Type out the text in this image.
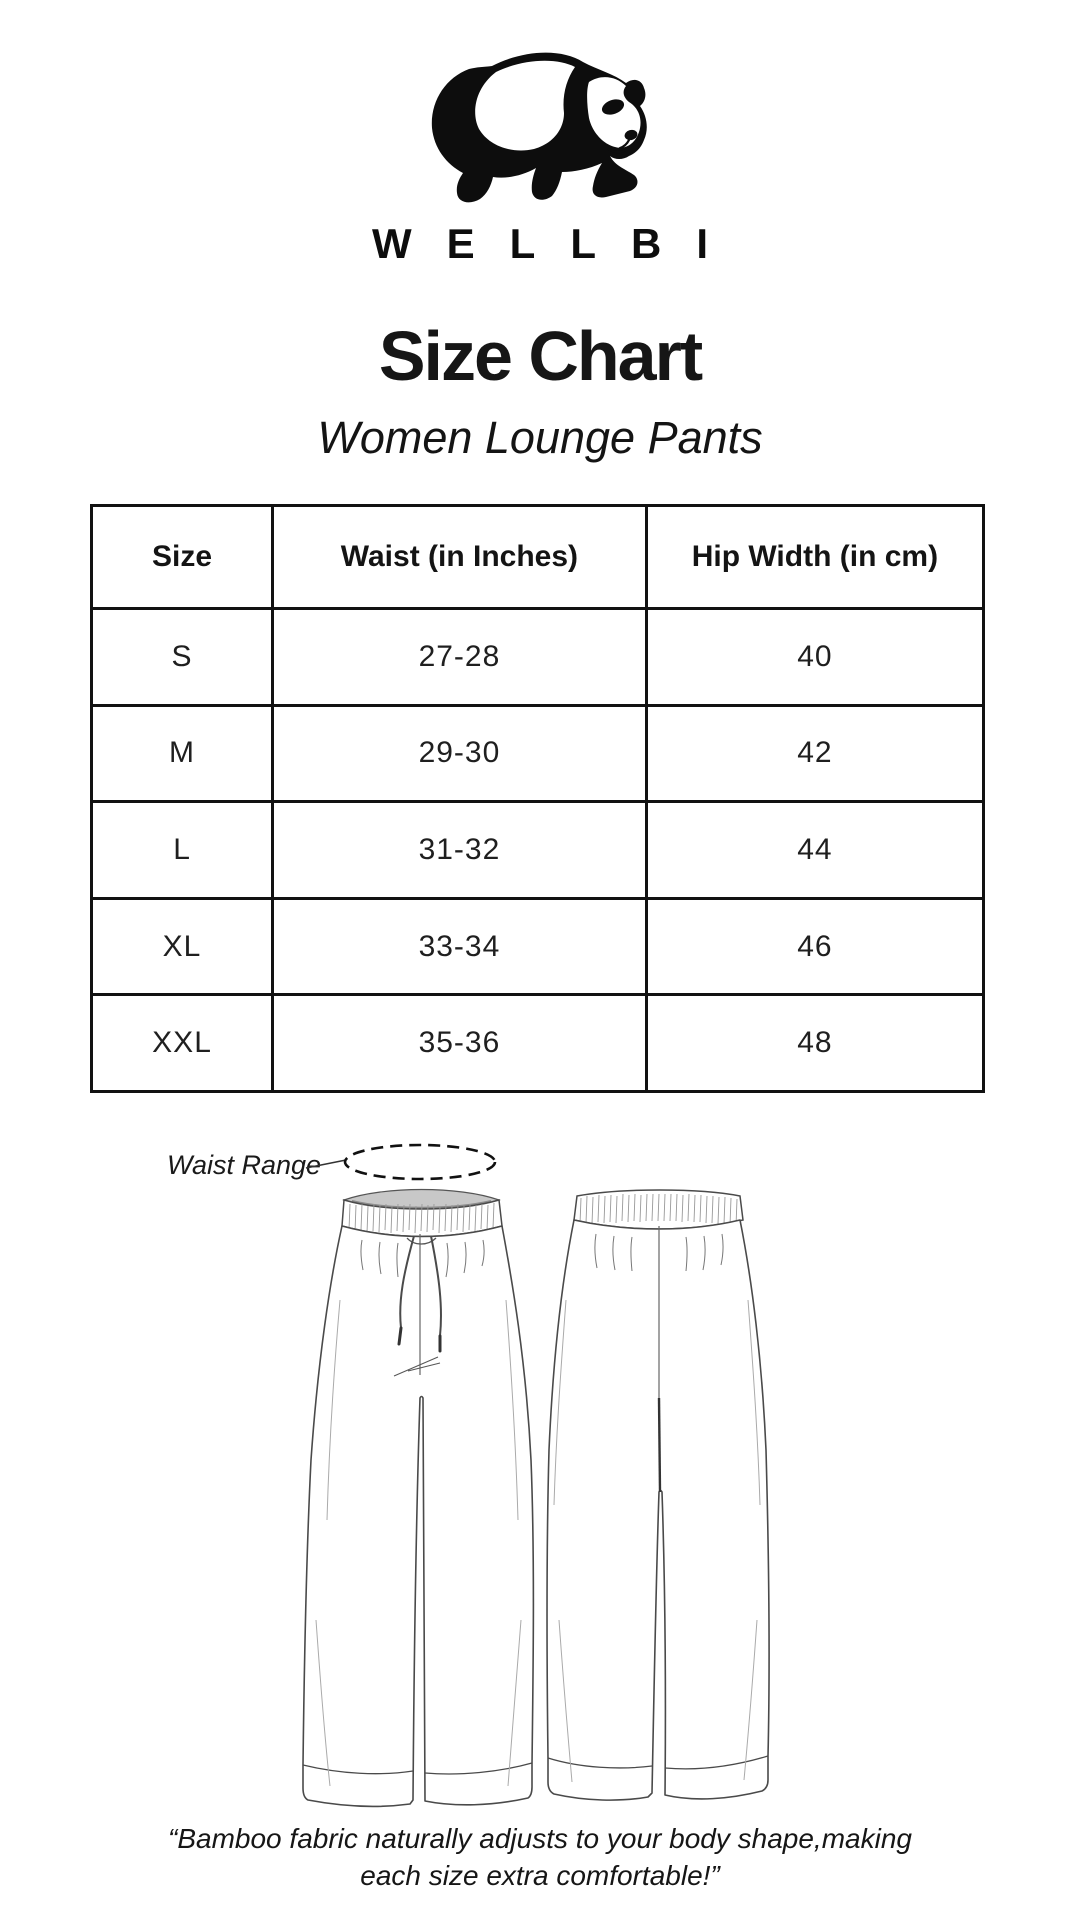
WELLBI
Size Chart
Women Lounge Pants
Size	Waist (in Inches)	Hip Width (in cm)
S	27-28	40
M	29-30	42
L	31-32	44
XL	33-34	46
XXL	35-36	48
Waist Range
“Bamboo fabric naturally adjusts to your body shape,making
each size extra comfortable!”
